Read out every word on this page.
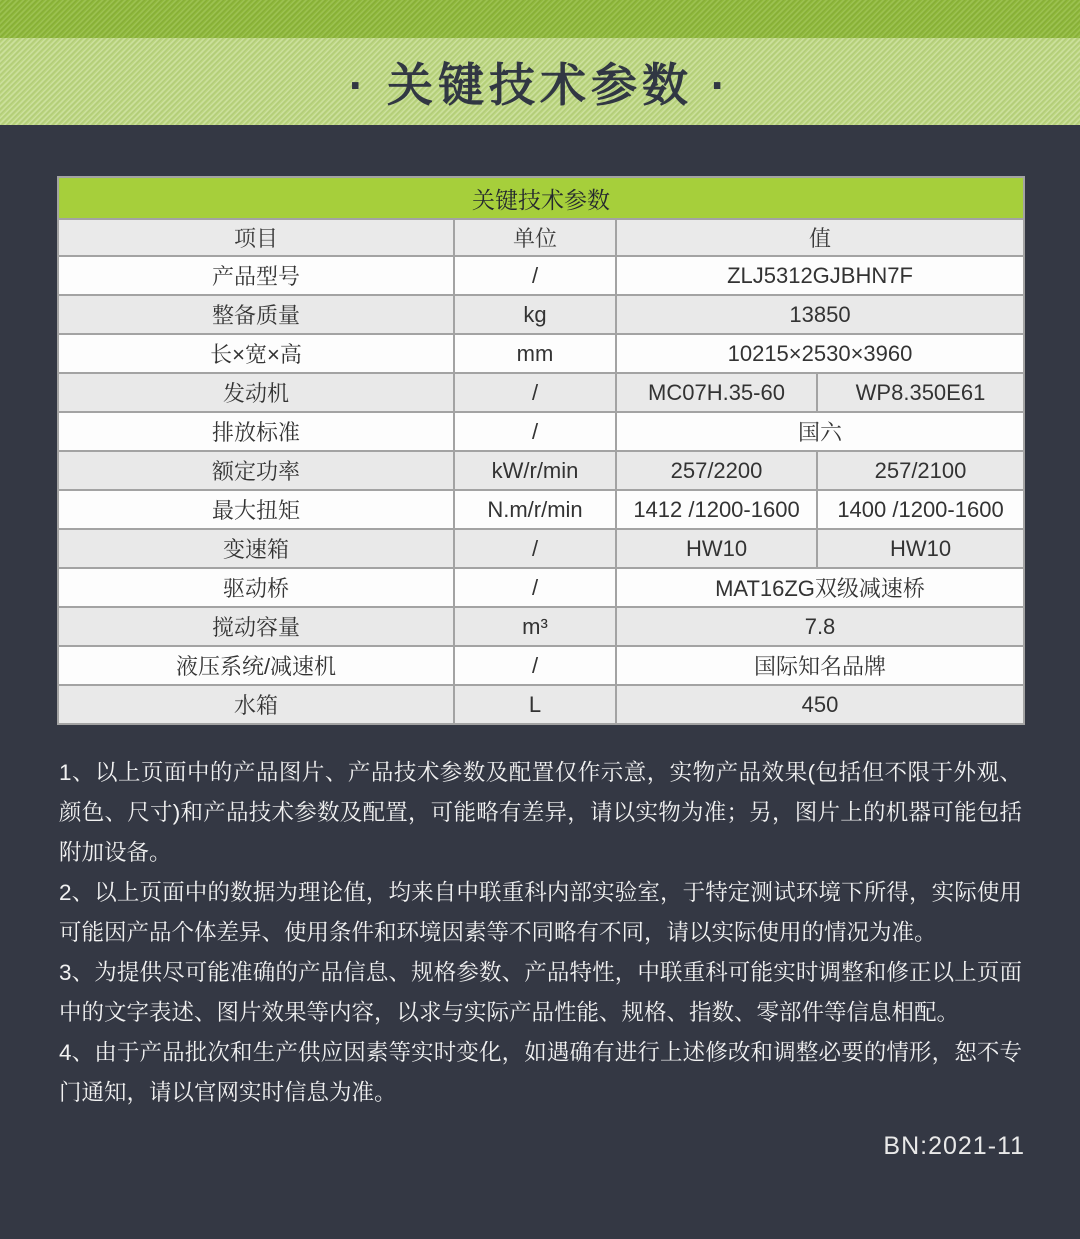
· 关键技术参数 ·
关键技术参数			
项目	单位	值	
产品型号	/	ZLJ5312GJBHN7F	
整备质量	kg	13850	
长×宽×高	mm	10215×2530×3960	
发动机	/	MC07H.35-60	WP8.350E61
排放标准	/	国六	
额定功率	kW/r/min	257/2200	257/2100
最大扭矩	N.m/r/min	1412 /1200-1600	1400 /1200-1600
变速箱	/	HW10	HW10
驱动桥	/	MAT16ZG双级减速桥	
搅动容量	m³	7.8	
液压系统/减速机	/	国际知名品牌	
水箱	L	450	

1、以上页面中的产品图片、产品技术参数及配置仅作示意，实物产品效果(包括但不限于外观、颜色、尺寸)和产品技术参数及配置，可能略有差异，请以实物为准；另，图片上的机器可能包括附加设备。

2、以上页面中的数据为理论值，均来自中联重科内部实验室，于特定测试环境下所得，实际使用可能因产品个体差异、使用条件和环境因素等不同略有不同，请以实际使用的情况为准。

3、为提供尽可能准确的产品信息、规格参数、产品特性，中联重科可能实时调整和修正以上页面中的文字表述、图片效果等内容，以求与实际产品性能、规格、指数、零部件等信息相配。

4、由于产品批次和生产供应因素等实时变化，如遇确有进行上述修改和调整必要的情形，恕不专门通知，请以官网实时信息为准。

BN:2021-11
